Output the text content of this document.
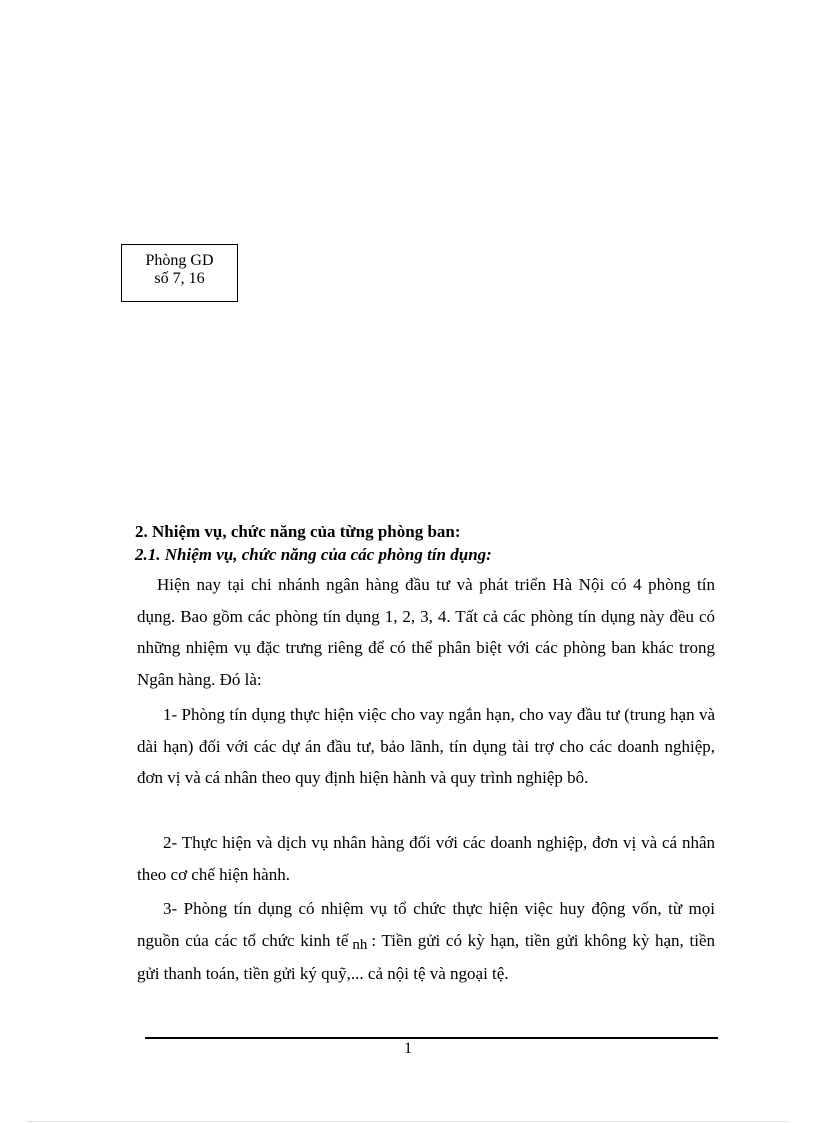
Phòng GD
số 7, 16
2. Nhiệm vụ, chức năng của từng phòng ban:
2.1. Nhiệm vụ, chức năng của các phòng tín dụng:

Hiện nay tại chi nhánh ngân hàng đầu tư và phát triển Hà Nội có 4 phòng tín dụng. Bao gồm các phòng tín dụng 1, 2, 3, 4. Tất cả các phòng tín dụng này đều có những nhiệm vụ đặc trưng riêng để có thể phân biệt với các phòng ban khác trong Ngân hàng. Đó là:

1- Phòng tín dụng thực hiện việc cho vay ngắn hạn, cho vay đầu tư (trung hạn và dài hạn) đối với các dự án đầu tư, bảo lãnh, tín dụng tài trợ cho các doanh nghiệp, đơn vị và cá nhân theo quy định hiện hành và quy trình nghiệp bô.

2- Thực hiện và dịch vụ nhân hàng đối với các doanh nghiệp, đơn vị và cá nhân theo cơ chế hiện hành.

3- Phòng tín dụng có nhiệm vụ tổ chức thực hiện việc huy động vốn, từ mọi nguồn của các tổ chức kinh tế nh : Tiền gửi có kỳ hạn, tiền gửi không kỳ hạn, tiền gửi thanh toán, tiền gửi ký quỹ,... cả nội tệ và ngoại tệ.

1
